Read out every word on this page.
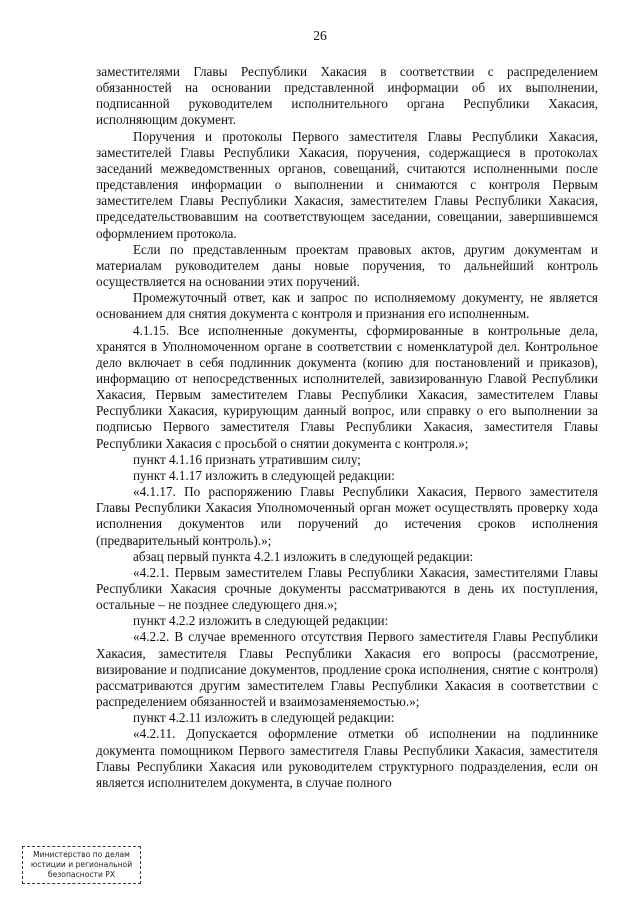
26

заместителями Главы Республики Хакасия в соответствии с распределением обязанностей на основании представленной информации об их выполнении, подписанной руководителем исполнительного органа Республики Хакасия, исполняющим документ.

Поручения и протоколы Первого заместителя Главы Республики Хакасия, заместителей Главы Республики Хакасия, поручения, содержащиеся в протоколах заседаний межведомственных органов, совещаний, считаются исполненными после представления информации о выполнении и снимаются с контроля Первым заместителем Главы Республики Хакасия, заместителем Главы Республики Хакасия, председательствовавшим на соответствующем заседании, совещании, завершившемся оформлением протокола.

Если по представленным проектам правовых актов, другим документам и материалам руководителем даны новые поручения, то дальнейший контроль осуществляется на основании этих поручений.

Промежуточный ответ, как и запрос по исполняемому документу, не является основанием для снятия документа с контроля и признания его исполненным.

4.1.15. Все исполненные документы, сформированные в контрольные дела, хранятся в Уполномоченном органе в соответствии с номенклатурой дел. Контрольное дело включает в себя подлинник документа (копию для постановлений и приказов), информацию от непосредственных исполнителей, завизированную Главой Республики Хакасия, Первым заместителем Главы Республики Хакасия, заместителем Главы Республики Хакасия, курирующим данный вопрос, или справку о его выполнении за подписью Первого заместителя Главы Республики Хакасия, заместителя Главы Республики Хакасия с просьбой о снятии документа с контроля.»;

пункт 4.1.16 признать утратившим силу;

пункт 4.1.17 изложить в следующей редакции:

«4.1.17. По распоряжению Главы Республики Хакасия, Первого заместителя Главы Республики Хакасия Уполномоченный орган может осуществлять проверку хода исполнения документов или поручений до истечения сроков исполнения (предварительный контроль).»;

абзац первый пункта 4.2.1 изложить в следующей редакции:

«4.2.1. Первым заместителем Главы Республики Хакасия, заместителями Главы Республики Хакасия срочные документы рассматриваются в день их поступления, остальные – не позднее следующего дня.»;

пункт 4.2.2 изложить в следующей редакции:

«4.2.2. В случае временного отсутствия Первого заместителя Главы Республики Хакасия, заместителя Главы Республики Хакасия его вопросы (рассмотрение, визирование и подписание документов, продление срока исполнения, снятие с контроля) рассматриваются другим заместителем Главы Республики Хакасия в соответствии с распределением обязанностей и взаимозаменяемостью.»;

пункт 4.2.11 изложить в следующей редакции:

«4.2.11. Допускается оформление отметки об исполнении на подлиннике документа помощником Первого заместителя Главы Республики Хакасия, заместителя Главы Республики Хакасия или руководителем структурного подразделения, если он является исполнителем документа, в случае полного

Министерство по делам
юстиции и региональной
безопасности РХ
